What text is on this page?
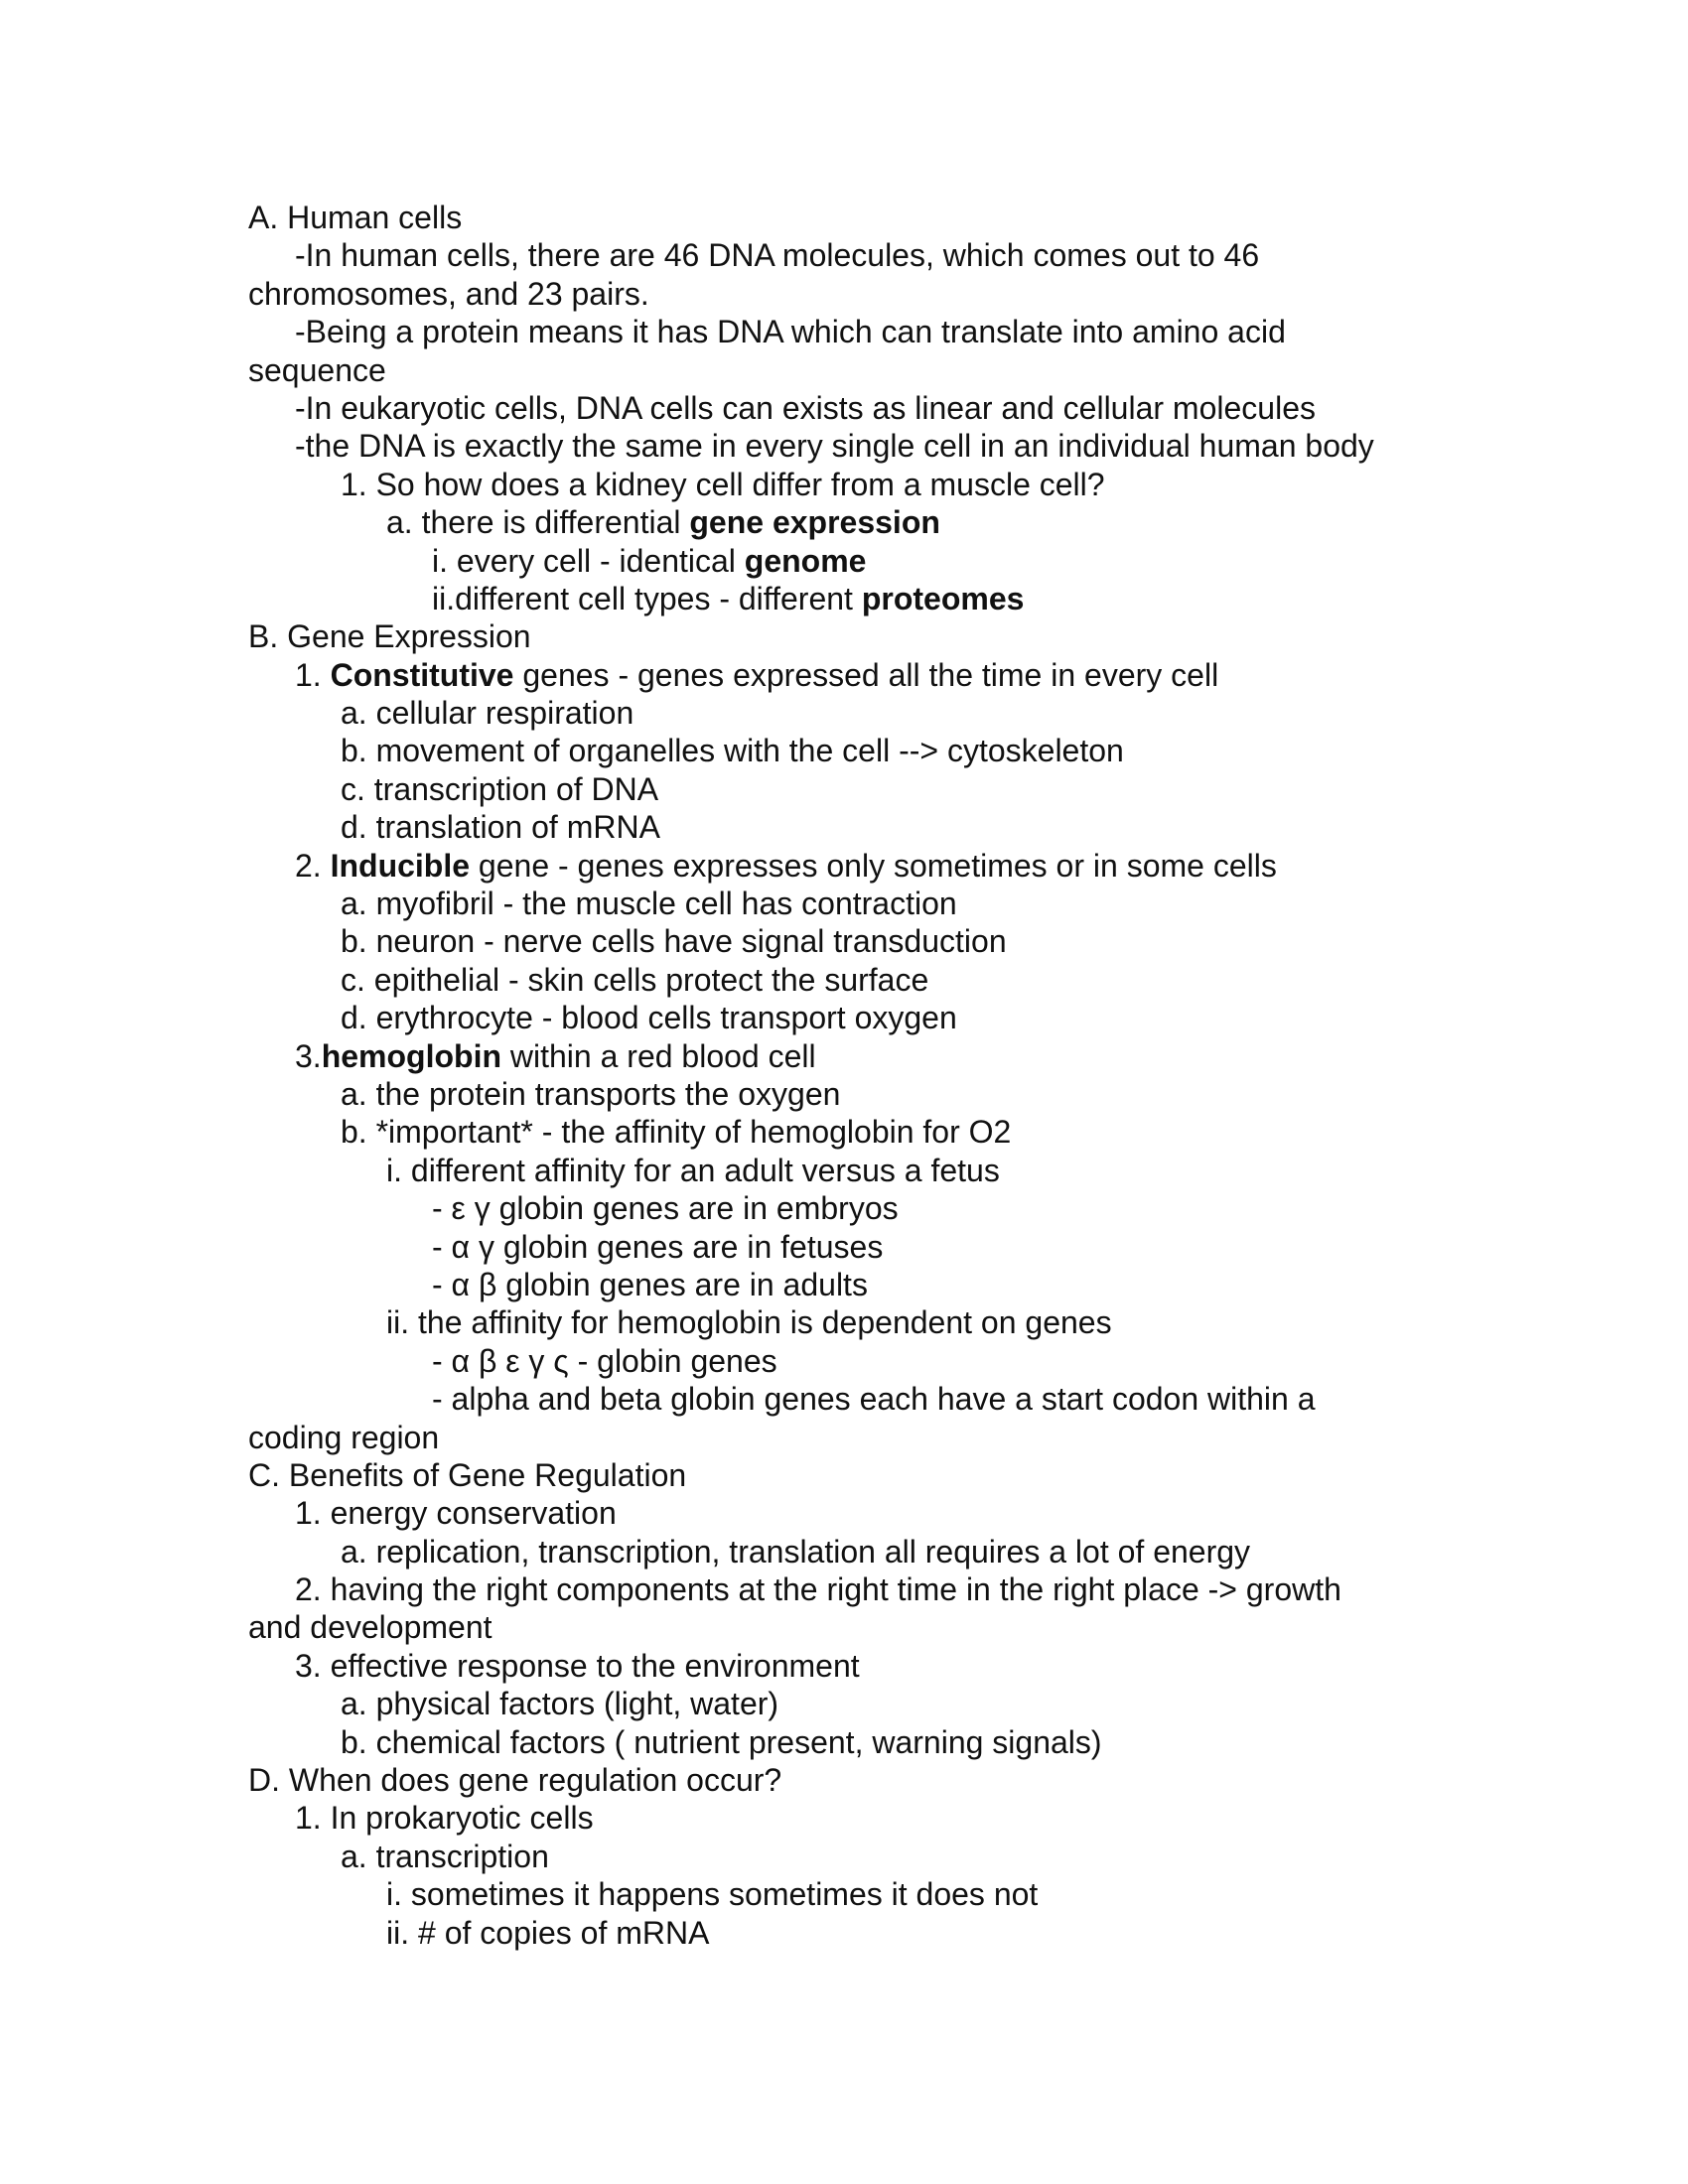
A. Human cells
-In human cells, there are 46 DNA molecules, which comes out to 46
chromosomes, and 23 pairs.
-Being a protein means it has DNA which can translate into amino acid
sequence
-In eukaryotic cells, DNA cells can exists as linear and cellular molecules
-the DNA is exactly the same in every single cell in an individual human body
1. So how does a kidney cell differ from a muscle cell?
a. there is differential gene expression
i. every cell - identical genome
ii.different cell types - different proteomes
B. Gene Expression
1. Constitutive genes - genes expressed all the time in every cell
a. cellular respiration
b. movement of organelles with the cell --> cytoskeleton
c. transcription of DNA
d. translation of mRNA
2. Inducible gene - genes expresses only sometimes or in some cells
a. myofibril - the muscle cell has contraction
b. neuron - nerve cells have signal transduction
c. epithelial - skin cells protect the surface
d. erythrocyte - blood cells transport oxygen
3.hemoglobin within a red blood cell
a. the protein transports the oxygen
b. *important* - the affinity of hemoglobin for O2
i. different affinity for an adult versus a fetus
- ε γ globin genes are in embryos
- α γ globin genes are in fetuses
- α β globin genes are in adults
ii. the affinity for hemoglobin is dependent on genes
- α β ε γ ς - globin genes
- alpha and beta globin genes each have a start codon within a
coding region
C. Benefits of Gene Regulation
1. energy conservation
a. replication, transcription, translation all requires a lot of energy
2. having the right components at the right time in the right place -> growth
and development
3. effective response to the environment
a. physical factors (light, water)
b. chemical factors ( nutrient present, warning signals)
D. When does gene regulation occur?
1. In prokaryotic cells
a. transcription
i. sometimes it happens sometimes it does not
ii. # of copies of mRNA
